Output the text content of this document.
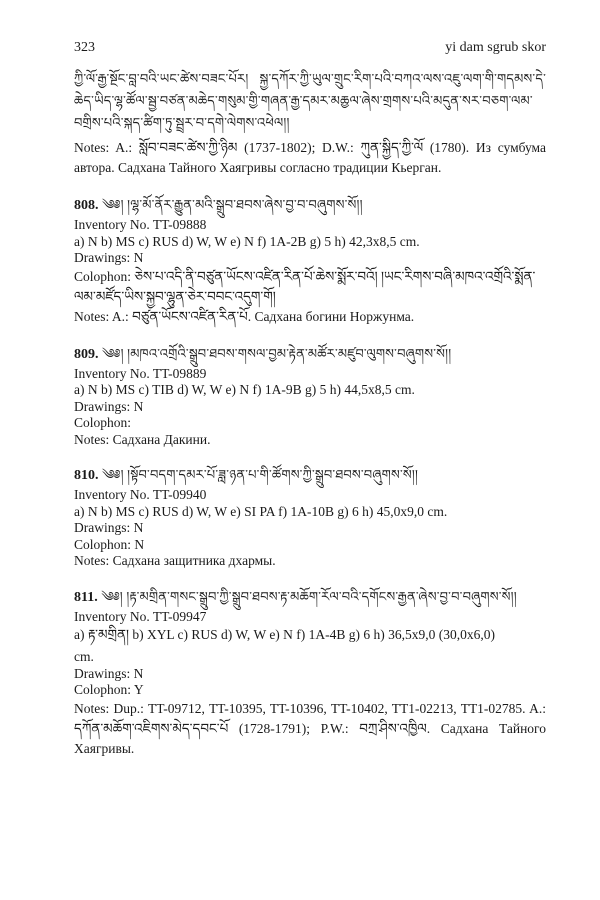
323	yi dam sgrub skor
ཀྱི་ལོ་རྒྱ་སྔོང་བླ་བའི་ཡང་ཚེས་བཟང་པོར། སྐྱ་དཀོར་ཀྱི་ཡུལ་གྲུང་རིག་པའི་བཀའ་ལས་འཇུ་ལག་གི་གདམས་དེ་ཆེད་ཡིད་ལྷ་ཚོལ་སྦྱ་བཙན་མཆེད་གསུམ་གྱི་གཞན་རྒྱ་དམར་མཆྱལ་ཞེས་གྲགས་པའི་མདུན་སར་བཅག་ལམ་བགྲིས་པའི་སྐད་ཚིག་ཏུ་སྦྲར་བ་དགེ་ལེགས་འཕེལ།།
Notes: A.: སློབ་བཟང་ཚེས་ཀྱི་ཉིམ (1737-1802); D.W.: ཀུན་སྐྱིད་ཀྱི་ལོ (1780). Из сумбума автора. Садхана Тайного Хаягривы согласно традиции Кьерган.
808. ༄༅། །ལྷ་མོ་ནོར་རྒྱུན་མའི་སྒྲུབ་ཐབས་ཞེས་བྱ་བ་བཞུགས་སོ།།
Inventory No. TT-09888
a) N b) MS c) RUS d) W, W e) N f) 1A-2B g) 5 h) 42,3x8,5 cm.
Drawings: N
Colophon: ཅེས་པ་འདི་ནི་བཙུན་ཡོངས་འཛིན་རིན་པོ་ཆེས་སྨོར་བའོ། །ཡང་རིགས་བཞི་མཁའ་འགྲོའི་སྨོན་ལམ་མཛོད་ཡིས་སྐྱབ་ལྷུན་ཅེར་བབང་འདུག་གོ།
Notes: A.: བཙུན་ཡོངས་འཛིན་རིན་པོ. Садхана богини Норжунма.
809. ༄༅། །མཁའ་འགྲོའི་སྒྲུབ་ཐབས་གསལ་བྱམ་རྟེན་མཚོར་མཛུབ་ལུགས་བཞུགས་སོ།།
Inventory No. TT-09889
a) N b) MS c) TIB d) W, W e) N f) 1A-9B g) 5 h) 44,5x8,5 cm.
Drawings: N
Colophon:
Notes: Садхана Дакини.
810. ༄༅། །སྟོབ་བདག་དམར་པོ་ཟླ་ཉན་པ་གི་ཚོགས་ཀྱི་སྒྲུབ་ཐབས་བཞུགས་སོ།།
Inventory No. TT-09940
a) N b) MS c) RUS d) W, W e) SI PA f) 1A-10B g) 6 h) 45,0x9,0 cm.
Drawings: N
Colophon: N
Notes: Садхана защитника дхармы.
811. ༄༅། །རྟ་མགྲིན་གསང་སྒྲུབ་ཀྱི་སྒྲུབ་ཐབས་རྟ་མཆོག་རོལ་བའི་དགོངས་རྒྱན་ཞེས་བྱ་བ་བཞུགས་སོ།།
Inventory No. TT-09947
a) རྟ་མགྲིན། b) XYL c) RUS d) W, W e) N f) 1A-4B g) 6 h) 36,5x9,0 (30,0x6,0)
cm.
Drawings: N
Colophon: Y
Notes: Dup.: TT-09712, TT-10395, TT-10396, TT-10402, TT1-02213, TT1-02785. A.: དཀོན་མཆོག་འཇིགས་མེད་དབང་པོ (1728-1791); P.W.: བཀྲ་ཤིས་འཁྱིལ. Садхана Тайного Хаягривы.
